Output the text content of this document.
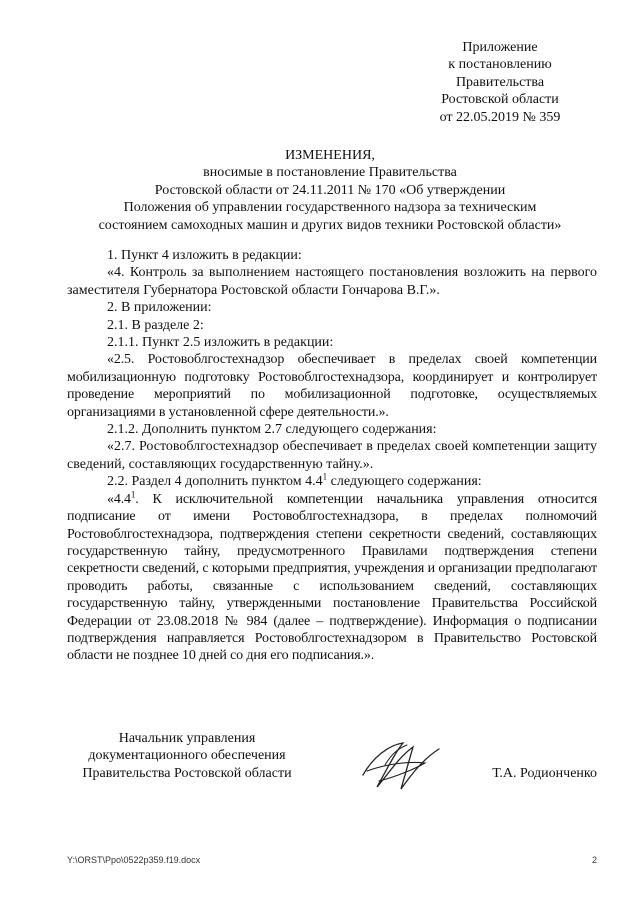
Приложение
к постановлению
Правительства
Ростовской области
от 22.05.2019 № 359
ИЗМЕНЕНИЯ,
вносимые в постановление Правительства
Ростовской области от 24.11.2011 № 170 «Об утверждении
Положения об управлении государственного надзора за техническим
состоянием самоходных машин и других видов техники Ростовской области»

1. Пункт 4 изложить в редакции:

«4. Контроль за выполнением настоящего постановления возложить на первого заместителя Губернатора Ростовской области Гончарова В.Г.».

2. В приложении:

2.1. В разделе 2:

2.1.1. Пункт 2.5 изложить в редакции:

«2.5. Ростовоблгостехнадзор обеспечивает в пределах своей компетенции мобилизационную подготовку Ростовоблгостехнадзора, координирует и контролирует проведение мероприятий по мобилизационной подготовке, осуществляемых организациями в установленной сфере деятельности.».

2.1.2. Дополнить пунктом 2.7 следующего содержания:

«2.7. Ростовоблгостехнадзор обеспечивает в пределах своей компетенции защиту сведений, составляющих государственную тайну.».

2.2. Раздел 4 дополнить пунктом $4.4^1$ следующего содержания:

«$4.4^1$. К исключительной компетенции начальника управления относится подписание от имени Ростовоблгостехнадзора, в пределах полномочий Ростовоблгостехнадзора, подтверждения степени секретности сведений, составляющих государственную тайну, предусмотренного Правилами подтверждения степени секретности сведений, с которыми предприятия, учреждения и организации предполагают проводить работы, связанные с использованием сведений, составляющих государственную тайну, утвержденными постановление Правительства Российской Федерации от 23.08.2018 № 984 (далее – подтверждение). Информация о подписании подтверждения направляется Ростовоблгостехнадзором в Правительство Ростовской области не позднее 10 дней со дня его подписания.».

Начальник управления
документационного обеспечения
Правительства Ростовской области	Т.А. Родионченко
Y:\ORST\Ppo\0522p359.f19.docx	2
